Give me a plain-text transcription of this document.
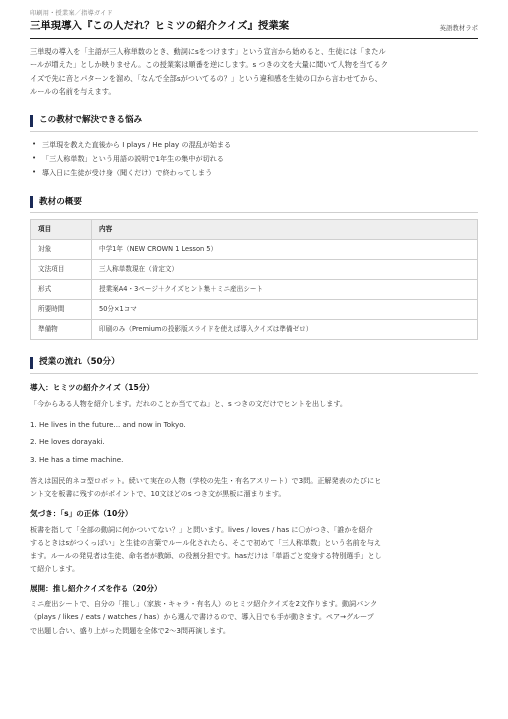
印刷用・授業案／指導ガイド
三単現導入『この人だれ？ヒミツの紹介クイズ』授業案	英語教材ラボ
三単現の導入を「主語が三人称単数のとき、動詞にsをつけます」という宣言から始めると、生徒には「またル
ールが増えた」としか映りません。この授業案は順番を逆にします。s つきの文を大量に聞いて人物を当てるク
イズで先に音とパターンを溜め、「なんで全部sがついてるの？」という違和感を生徒の口から言わせてから、
ルールの名前を与えます。
この教材で解決できる悩み
• 三単現を教えた直後から I plays / He play の混乱が始まる
• 「三人称単数」という用語の説明で1年生の集中が切れる
• 導入日に生徒が受け身（聞くだけ）で終わってしまう
教材の概要
項目	内容
対象	中学1年（NEW CROWN 1 Lesson 5）
文法項目	三人称単数現在（肯定文）
形式	授業案A4・3ページ＋クイズヒント集＋ミニ産出シート
所要時間	50分×1コマ
準備物	印刷のみ（Premiumの投影版スライドを使えば導入クイズは準備ゼロ）
授業の流れ（50分）
導入：ヒミツの紹介クイズ（15分）
「今からある人物を紹介します。だれのことか当ててね」と、s つきの文だけでヒントを出します。
1. He lives in the future... and now in Tokyo.
2. He loves dorayaki.
3. He has a time machine.
答えは国民的ネコ型ロボット。続いて実在の人物（学校の先生・有名アスリート）で3問。正解発表のたびにヒ
ント文を板書に残すのがポイントで、10文ほどのs つき文が黒板に溜まります。
気づき：「s」の正体（10分）
板書を指して「全部の動詞に何かついてない？」と問います。lives / loves / has に〇がつき、「誰かを紹介
するときはsがつくっぽい」と生徒の言葉でルール化されたら、そこで初めて「三人称単数」という名前を与え
ます。ルールの発見者は生徒、命名者が教師、の役割分担です。hasだけは「単語ごと変身する特別選手」とし
て紹介します。
展開：推し紹介クイズを作る（20分）
ミニ産出シートで、自分の「推し」（家族・キャラ・有名人）のヒミツ紹介クイズを2文作ります。動詞バンク
（plays / likes / eats / watches / has）から選んで書けるので、導入日でも手が動きます。ペア→グループ
で出題し合い、盛り上がった問題を全体で2〜3問再演します。
